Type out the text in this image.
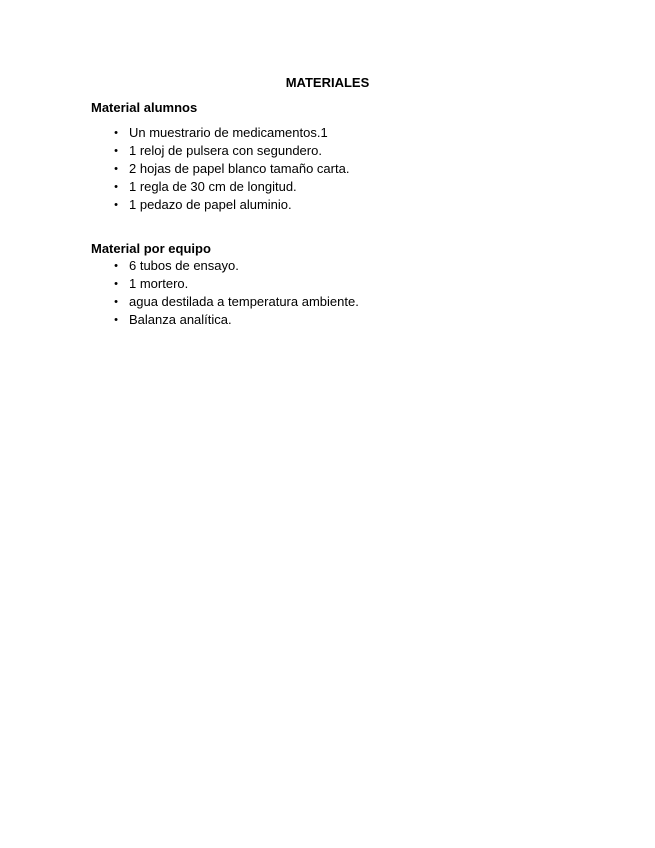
MATERIALES
Material alumnos
• Un muestrario de medicamentos.1
• 1 reloj de pulsera con segundero.
• 2 hojas de papel blanco tamaño carta.
• 1 regla de 30 cm de longitud.
• 1 pedazo de papel aluminio.
Material por equipo
• 6 tubos de ensayo.
• 1 mortero.
• agua destilada a temperatura ambiente.
• Balanza analítica.
